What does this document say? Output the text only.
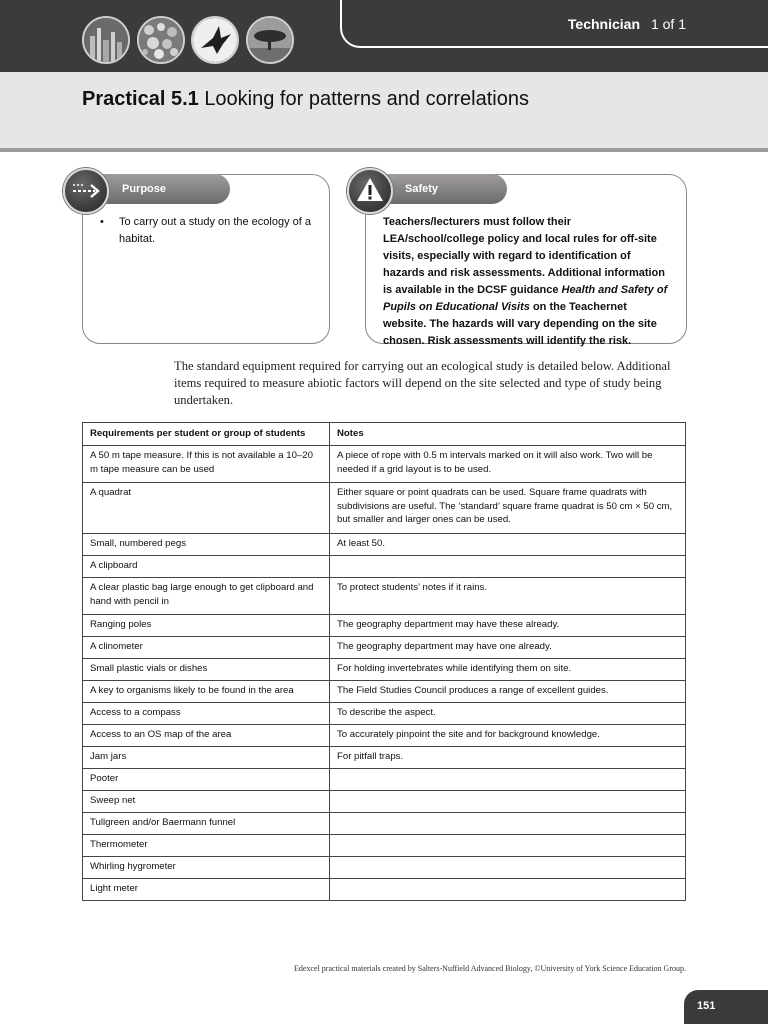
Technician 1 of 1
Practical 5.1 Looking for patterns and correlations
Purpose
•	To carry out a study on the ecology of a habitat.
Safety
Teachers/lecturers must follow their LEA/school/college policy and local rules for off-site visits, especially with regard to identification of hazards and risk assessments. Additional information is available in the DCSF guidance Health and Safety of Pupils on Educational Visits on the Teachernet website. The hazards will vary depending on the site chosen. Risk assessments will identify the risk.
The standard equipment required for carrying out an ecological study is detailed below. Additional items required to measure abiotic factors will depend on the site selected and type of study being undertaken.
Requirements per student or group of students	Notes
A 50 m tape measure. If this is not available a 10–20 m tape measure can be used	A piece of rope with 0.5 m intervals marked on it will also work. Two will be needed if a grid layout is to be used.
A quadrat	Either square or point quadrats can be used. Square frame quadrats with subdivisions are useful. The ‘standard’ square frame quadrat is 50 cm × 50 cm, but smaller and larger ones can be used.
Small, numbered pegs	At least 50.
A clipboard	
A clear plastic bag large enough to get clipboard and hand with pencil in	To protect students’ notes if it rains.
Ranging poles	The geography department may have these already.
A clinometer	The geography department may have one already.
Small plastic vials or dishes	For holding invertebrates while identifying them on site.
A key to organisms likely to be found in the area	The Field Studies Council produces a range of excellent guides.
Access to a compass	To describe the aspect.
Access to an OS map of the area	To accurately pinpoint the site and for background knowledge.
Jam jars	For pitfall traps.
Pooter	
Sweep net	
Tullgreen and/or Baermann funnel	
Thermometer	
Whirling hygrometer	
Light meter	
Edexcel practical materials created by Salters-Nuffield Advanced Biology, ©University of York Science Education Group.
151
